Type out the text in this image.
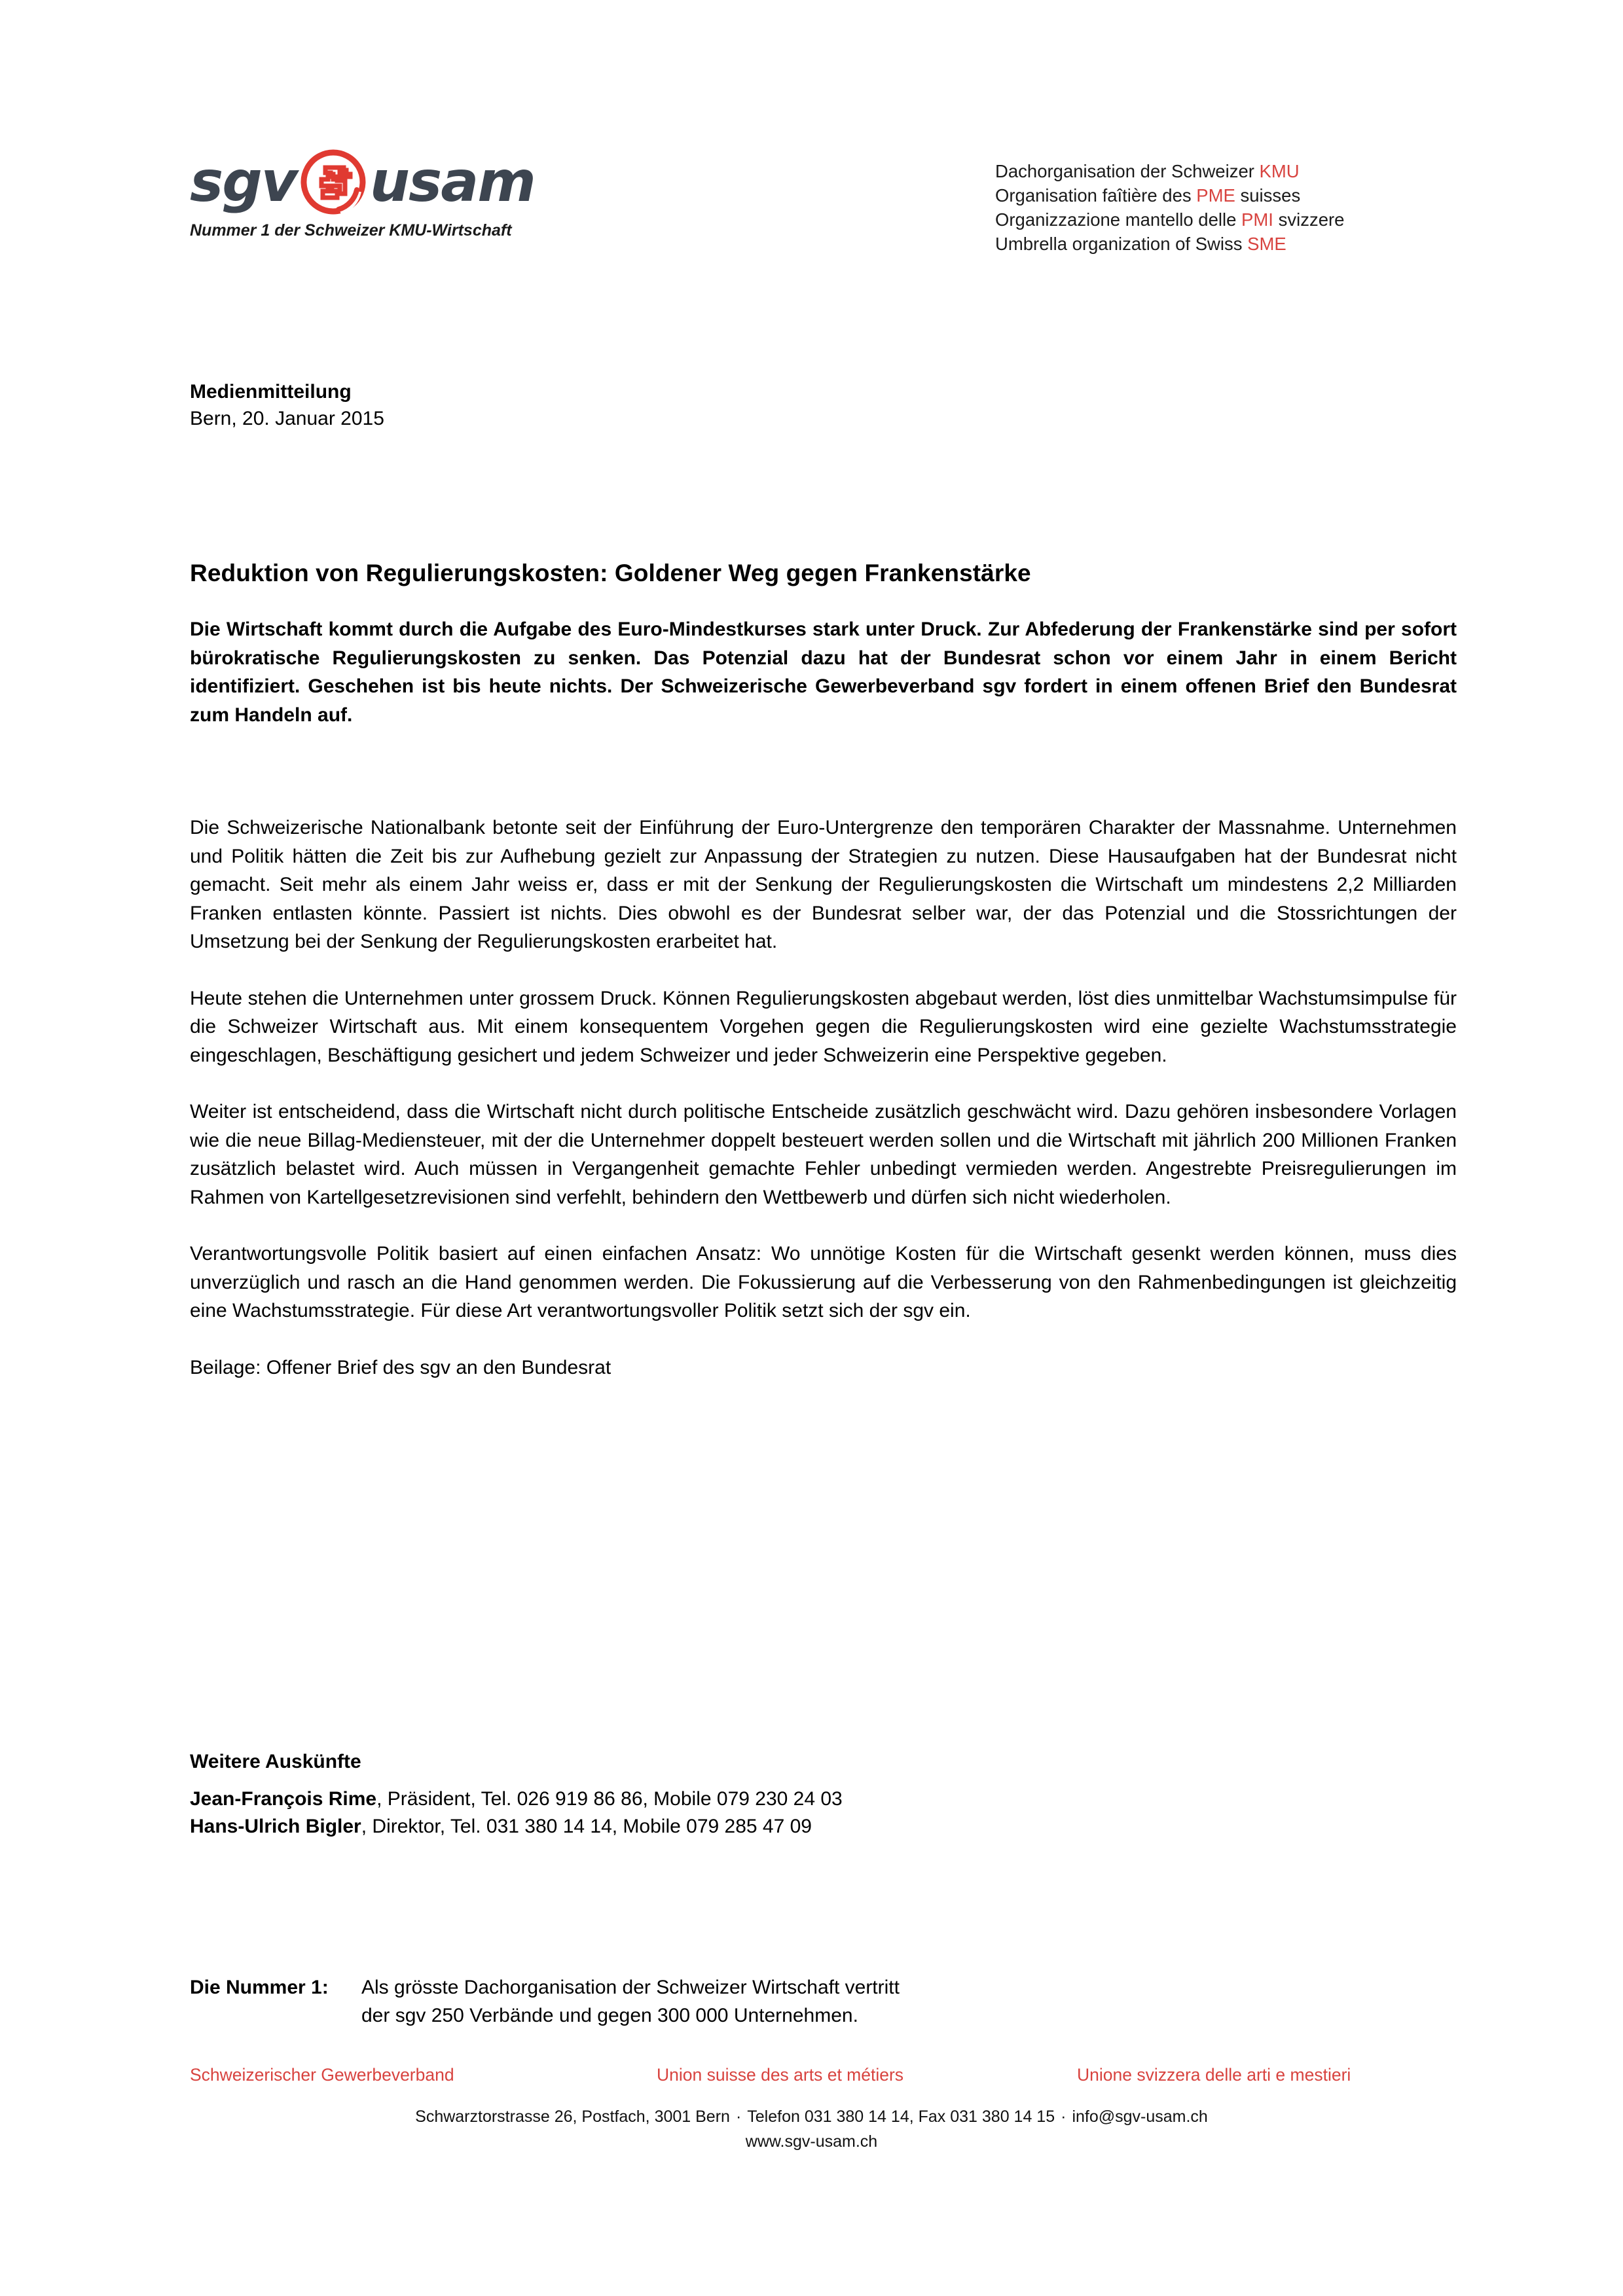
sgv usam
Nummer 1 der Schweizer KMU-Wirtschaft
Dachorganisation der Schweizer KMU
Organisation faîtière des PME suisses
Organizzazione mantello delle PMI svizzere
Umbrella organization of Swiss SME
Medienmitteilung
Bern, 20. Januar 2015
Reduktion von Regulierungskosten: Goldener Weg gegen Frankenstärke
Die Wirtschaft kommt durch die Aufgabe des Euro-Mindestkurses stark unter Druck. Zur Abfederung der Frankenstärke sind per sofort bürokratische Regulierungskosten zu senken. Das Potenzial dazu hat der Bundesrat schon vor einem Jahr in einem Bericht identifiziert. Geschehen ist bis heute nichts. Der Schweizerische Gewerbeverband sgv fordert in einem offenen Brief den Bundesrat zum Handeln auf.

Die Schweizerische Nationalbank betonte seit der Einführung der Euro-Untergrenze den temporären Charakter der Massnahme. Unternehmen und Politik hätten die Zeit bis zur Aufhebung gezielt zur Anpassung der Strategien zu nutzen. Diese Hausaufgaben hat der Bundesrat nicht gemacht. Seit mehr als einem Jahr weiss er, dass er mit der Senkung der Regulierungskosten die Wirtschaft um mindestens 2,2 Milliarden Franken entlasten könnte. Passiert ist nichts. Dies obwohl es der Bundesrat selber war, der das Potenzial und die Stossrichtungen der Umsetzung bei der Senkung der Regulierungskosten erarbeitet hat.

Heute stehen die Unternehmen unter grossem Druck. Können Regulierungskosten abgebaut werden, löst dies unmittelbar Wachstumsimpulse für die Schweizer Wirtschaft aus. Mit einem konsequentem Vorgehen gegen die Regulierungskosten wird eine gezielte Wachstumsstrategie eingeschlagen, Beschäftigung gesichert und jedem Schweizer und jeder Schweizerin eine Perspektive gegeben.

Weiter ist entscheidend, dass die Wirtschaft nicht durch politische Entscheide zusätzlich geschwächt wird. Dazu gehören insbesondere Vorlagen wie die neue Billag-Mediensteuer, mit der die Unternehmer doppelt besteuert werden sollen und die Wirtschaft mit jährlich 200 Millionen Franken zusätzlich belastet wird. Auch müssen in Vergangenheit gemachte Fehler unbedingt vermieden werden. Angestrebte Preisregulierungen im Rahmen von Kartellgesetzrevisionen sind verfehlt, behindern den Wettbewerb und dürfen sich nicht wiederholen.

Verantwortungsvolle Politik basiert auf einen einfachen Ansatz: Wo unnötige Kosten für die Wirtschaft gesenkt werden können, muss dies unverzüglich und rasch an die Hand genommen werden. Die Fokussierung auf die Verbesserung von den Rahmenbedingungen ist gleichzeitig eine Wachstumsstrategie. Für diese Art verantwortungsvoller Politik setzt sich der sgv ein.

Beilage: Offener Brief des sgv an den Bundesrat

Weitere Auskünfte
Jean-François Rime, Präsident, Tel. 026 919 86 86, Mobile 079 230 24 03
Hans-Ulrich Bigler, Direktor, Tel. 031 380 14 14, Mobile 079 285 47 09
Die Nummer 1:	Als grösste Dachorganisation der Schweizer Wirtschaft vertritt
der sgv 250 Verbände und gegen 300 000 Unternehmen.
Schweizerischer Gewerbeverband	Union suisse des arts et métiers	Unione svizzera delle arti e mestieri
Schwarztorstrasse 26, Postfach, 3001 Bern · Telefon 031 380 14 14, Fax 031 380 14 15 · info@sgv-usam.ch
www.sgv-usam.ch
